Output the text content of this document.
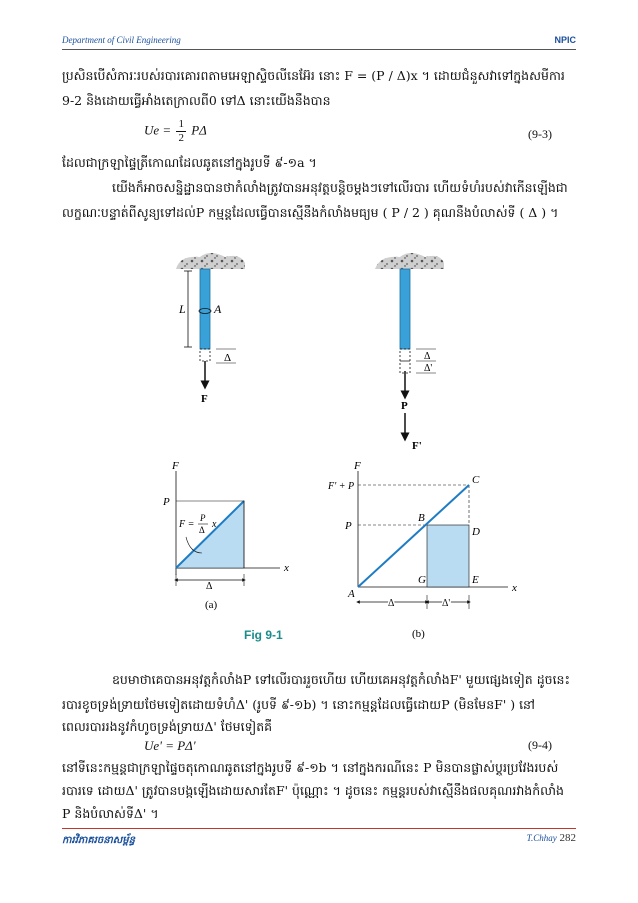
Department of Civil Engineering	NPIC
ប្រសិនបើសំភារៈរបស់របារគោរពតាមអេឡាស្ទិចលីនេអ៊ែរ នោះ F = (P / Δ)x ។ ដោយជំនួសវាទៅក្នុងសមីការ
9-2 និងដោយធ្វើអាំងតេក្រាលពី0 ទៅΔ នោះយើងនឹងបាន
$Ue = \frac{1}{2}$ PΔ	(9-3)
ដែលជាក្រឡាផ្ទៃត្រីកោណដែលឆូតនៅក្នុងរូបទី ៩-១a ។
យើងក៏អាចសន្និដ្ឋានបានថាកំលាំងត្រូវបានអនុវត្តបន្តិចម្តងៗទៅលើរបារ ហើយទំហំរបស់វាកើនឡើងជា
លក្ខណៈបន្ទាត់ពីសូន្យទៅដល់P កម្មន្តដែលធ្វើបានស្មើនឹងកំលាំងមធ្យម ( P / 2 ) គុណនឹងបំលាស់ទី ( Δ ) ។
L A
Δ
F
Δ
Δ'
P
F'
F
x
P
F =
P
Δ x
Δ
(a)
F
x
F' + P
P
A
B
C
D
E
G
Δ	Δ'
(b)
Fig 9-1
ឧបមាថាគេបានអនុវត្តកំលាំងP ទៅលើរបាររួចហើយ ហើយគេអនុវត្តកំលាំងF' មួយផ្សេងទៀត ដូចនេះ
របារខូចទ្រង់ទ្រាយថែមទៀតដោយទំហំΔ' (រូបទី ៩-១b) ។ នោះកម្មន្តដែលធ្វើដោយP (មិនមែនF' ) នៅ
ពេលរបាររងនូវកំហូចទ្រង់ទ្រាយΔ' ថែមទៀតគឺ
Ue' = PΔ'	(9-4)
នៅទីនេះកម្មន្តជាក្រឡាផ្ទៃចតុកោណឆូតនៅក្នុងរូបទី ៩-១b ។ នៅក្នុងករណីនេះ P មិនបានផ្លាស់ប្តូរប្រវែងរបស់
របារទេ ដោយΔ' ត្រូវបានបង្កឡើងដោយសារតែF' ប៉ុណ្ណោះ ។ ដូចនេះ កម្មន្តរបស់វាស្មើនឹងផលគុណរវាងកំលាំង
P និងបំលាស់ទីΔ' ។
ការវិភាគរចនាសម្ព័ន្ធ	T.Chhay 282
